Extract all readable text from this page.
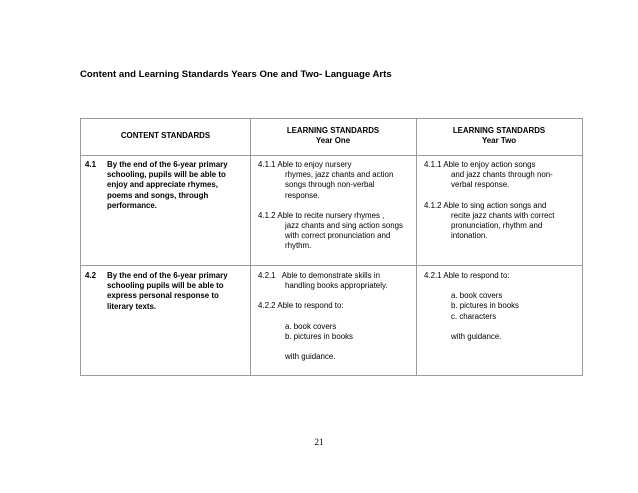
Content and Learning Standards Years One and Two- Language Arts
CONTENT STANDARDS
LEARNING STANDARDS
Year One
LEARNING STANDARDS
Year Two
4.1 By the end of the 6-year primary
schooling, pupils will be able to
enjoy and appreciate rhymes,
poems and songs, through
performance.
4.1.1 Able to enjoy nursery
rhymes, jazz chants and action
songs through non-verbal
response.
4.1.2 Able to recite nursery rhymes ,
jazz chants and sing action songs
with correct pronunciation and
rhythm.
4.1.1 Able to enjoy action songs
and jazz chants through non-
verbal response.
4.1.2 Able to sing action songs and
recite jazz chants with correct
pronunciation, rhythm and
intonation.
4.2 By the end of the 6-year primary
schooling pupils will be able to
express personal response to
literary texts.
4.2.1 Able to demonstrate skills in
handling books appropriately.
4.2.2 Able to respond to:
a. book covers
b. pictures in books
with guidance.
4.2.1 Able to respond to:
a. book covers
b. pictures in books
c. characters
with guidance.
21
